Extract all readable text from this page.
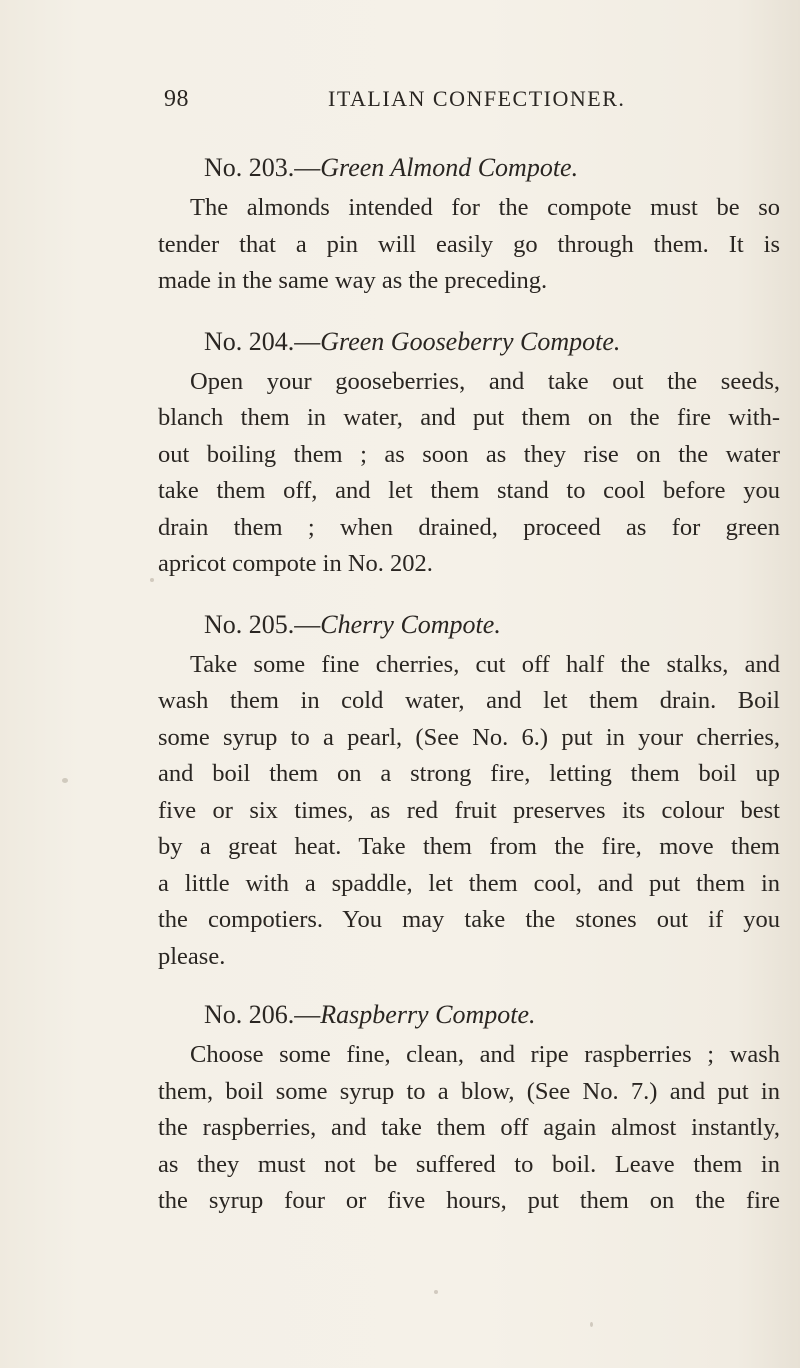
98	ITALIAN CONFECTIONER.

No. 203.—Green Almond Compote.

The almonds intended for the compote must be so
tender that a pin will easily go through them. It is
made in the same way as the preceding.

No. 204.—Green Gooseberry Compote.

Open your gooseberries, and take out the seeds,
blanch them in water, and put them on the fire with-
out boiling them ; as soon as they rise on the water
take them off, and let them stand to cool before you
drain them ; when drained, proceed as for green
apricot compote in No. 202.

No. 205.—Cherry Compote.

Take some fine cherries, cut off half the stalks, and
wash them in cold water, and let them drain. Boil
some syrup to a pearl, (See No. 6.) put in your cherries,
and boil them on a strong fire, letting them boil up
five or six times, as red fruit preserves its colour best
by a great heat. Take them from the fire, move them
a little with a spaddle, let them cool, and put them in
the compotiers. You may take the stones out if you
please.

No. 206.—Raspberry Compote.

Choose some fine, clean, and ripe raspberries ; wash
them, boil some syrup to a blow, (See No. 7.) and put in
the raspberries, and take them off again almost instantly,
as they must not be suffered to boil. Leave them in
the syrup four or five hours, put them on the fire
